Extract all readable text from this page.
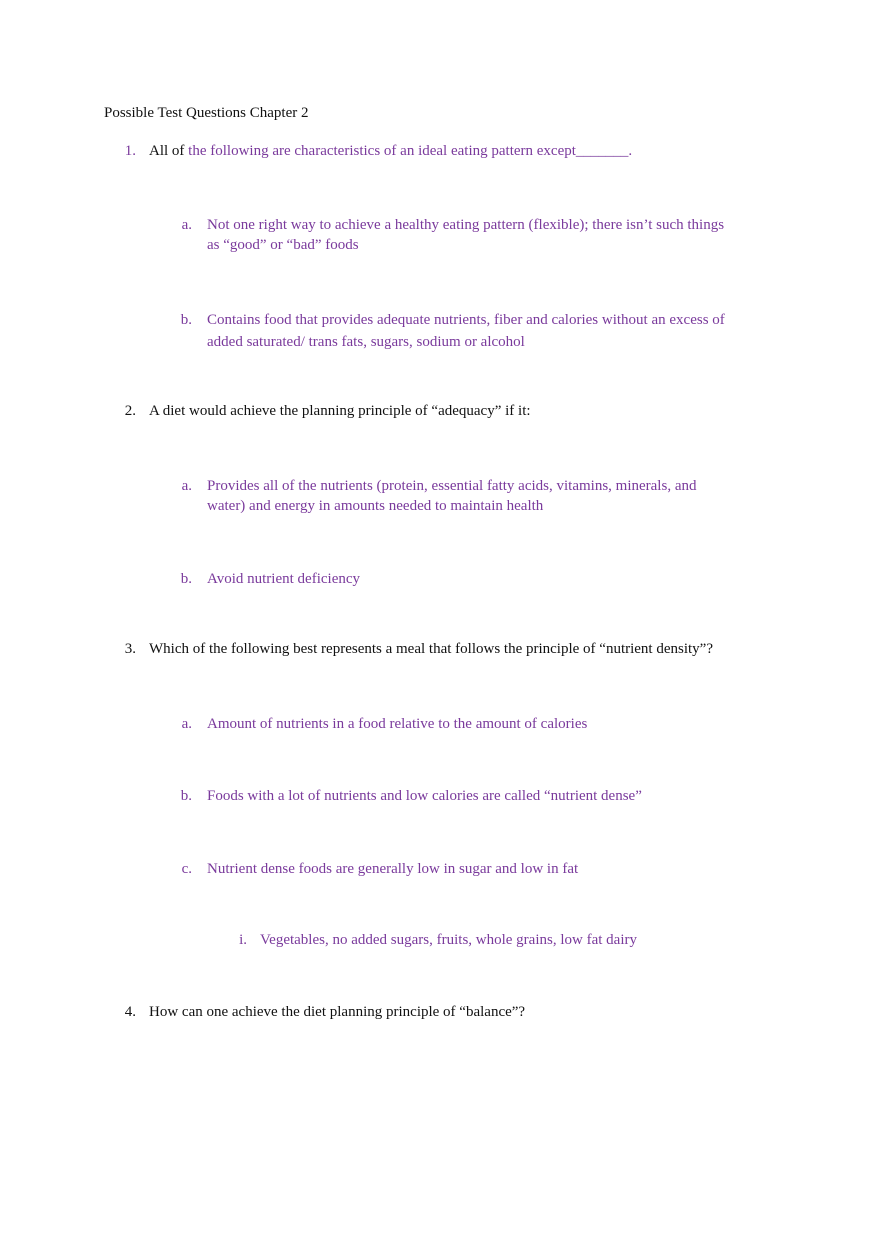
Possible Test Questions Chapter 2
1. All of the following are characteristics of an ideal eating pattern except_______.
a. Not one right way to achieve a healthy eating pattern (flexible); there isn’t such things
as “good” or “bad” foods
b. Contains food that provides adequate nutrients, fiber and calories without an excess of
added saturated/ trans fats, sugars, sodium or alcohol
2. A diet would achieve the planning principle of “adequacy” if it:
a. Provides all of the nutrients (protein, essential fatty acids, vitamins, minerals, and
water) and energy in amounts needed to maintain health
b. Avoid nutrient deficiency
3. Which of the following best represents a meal that follows the principle of “nutrient density”?
a. Amount of nutrients in a food relative to the amount of calories
b. Foods with a lot of nutrients and low calories are called “nutrient dense”
c. Nutrient dense foods are generally low in sugar and low in fat
i. Vegetables, no added sugars, fruits, whole grains, low fat dairy
4. How can one achieve the diet planning principle of “balance”?
